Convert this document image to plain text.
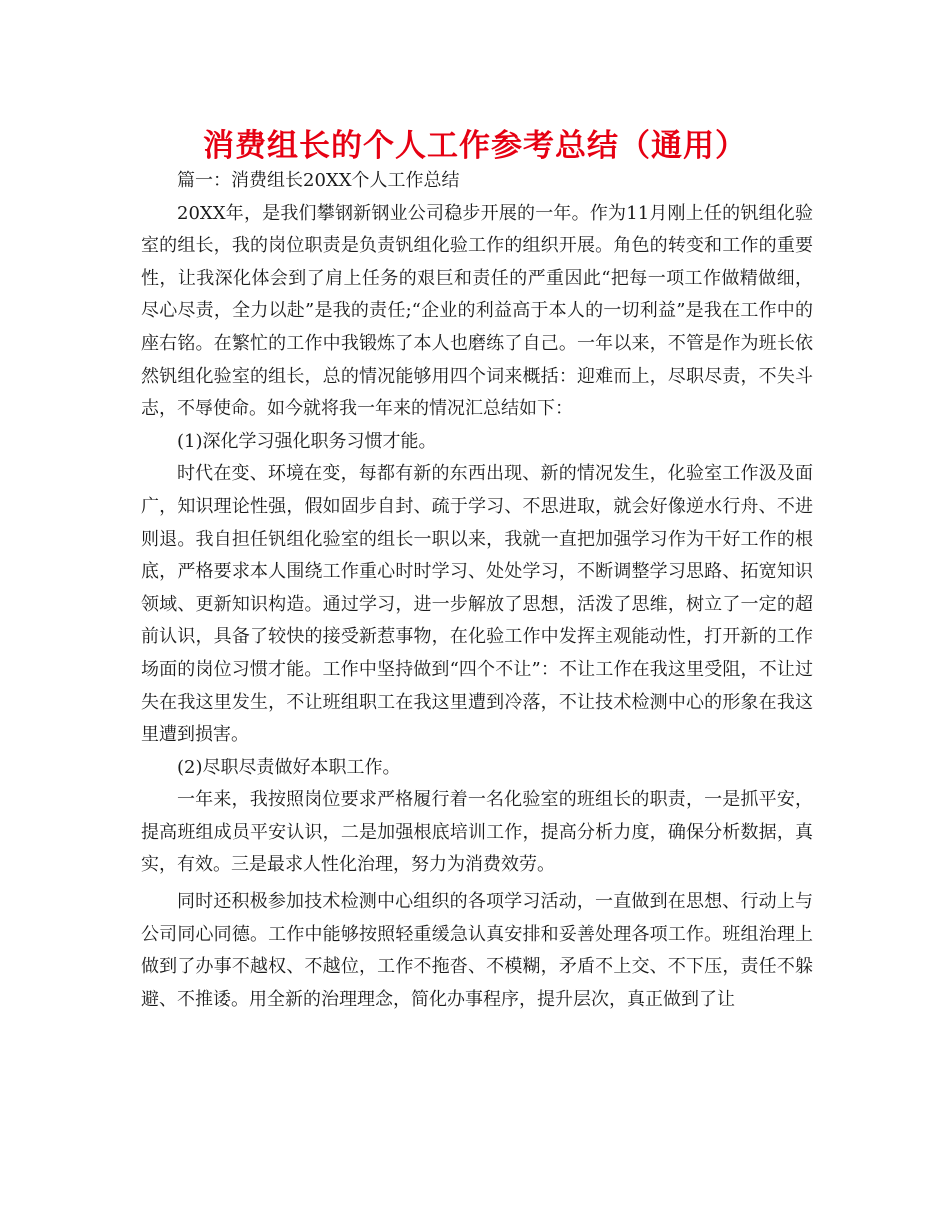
消费组长的个人工作参考总结（通用）

篇一：消费组长20XX个人工作总结

20XX年，是我们攀钢新钢业公司稳步开展的一年。作为11月刚上任的钒组化验室的组长，我的岗位职责是负责钒组化验工作的组织开展。角色的转变和工作的重要性，让我深化体会到了肩上任务的艰巨和责任的严重因此“把每一项工作做精做细，尽心尽责，全力以赴”是我的责任;“企业的利益高于本人的一切利益”是我在工作中的座右铭。在繁忙的工作中我锻炼了本人也磨练了自己。一年以来，不管是作为班长依然钒组化验室的组长，总的情况能够用四个词来概括：迎难而上，尽职尽责，不失斗志，不辱使命。如今就将我一年来的情况汇总结如下：

(1)深化学习强化职务习惯才能。

时代在变、环境在变，每都有新的东西出现、新的情况发生，化验室工作汲及面广，知识理论性强，假如固步自封、疏于学习、不思进取，就会好像逆水行舟、不进则退。我自担任钒组化验室的组长一职以来，我就一直把加强学习作为干好工作的根底，严格要求本人围绕工作重心时时学习、处处学习，不断调整学习思路、拓宽知识领域、更新知识构造。通过学习，进一步解放了思想，活泼了思维，树立了一定的超前认识，具备了较快的接受新惹事物，在化验工作中发挥主观能动性，打开新的工作场面的岗位习惯才能。工作中坚持做到“四个不让”：不让工作在我这里受阻，不让过失在我这里发生，不让班组职工在我这里遭到冷落，不让技术检测中心的形象在我这里遭到损害。

(2)尽职尽责做好本职工作。

一年来，我按照岗位要求严格履行着一名化验室的班组长的职责，一是抓平安，提高班组成员平安认识，二是加强根底培训工作，提高分析力度，确保分析数据，真实，有效。三是最求人性化治理，努力为消费效劳。

同时还积极参加技术检测中心组织的各项学习活动，一直做到在思想、行动上与公司同心同德。工作中能够按照轻重缓急认真安排和妥善处理各项工作。班组治理上做到了办事不越权、不越位，工作不拖沓、不模糊，矛盾不上交、不下压，责任不躲避、不推诿。用全新的治理理念，简化办事程序，提升层次，真正做到了让
